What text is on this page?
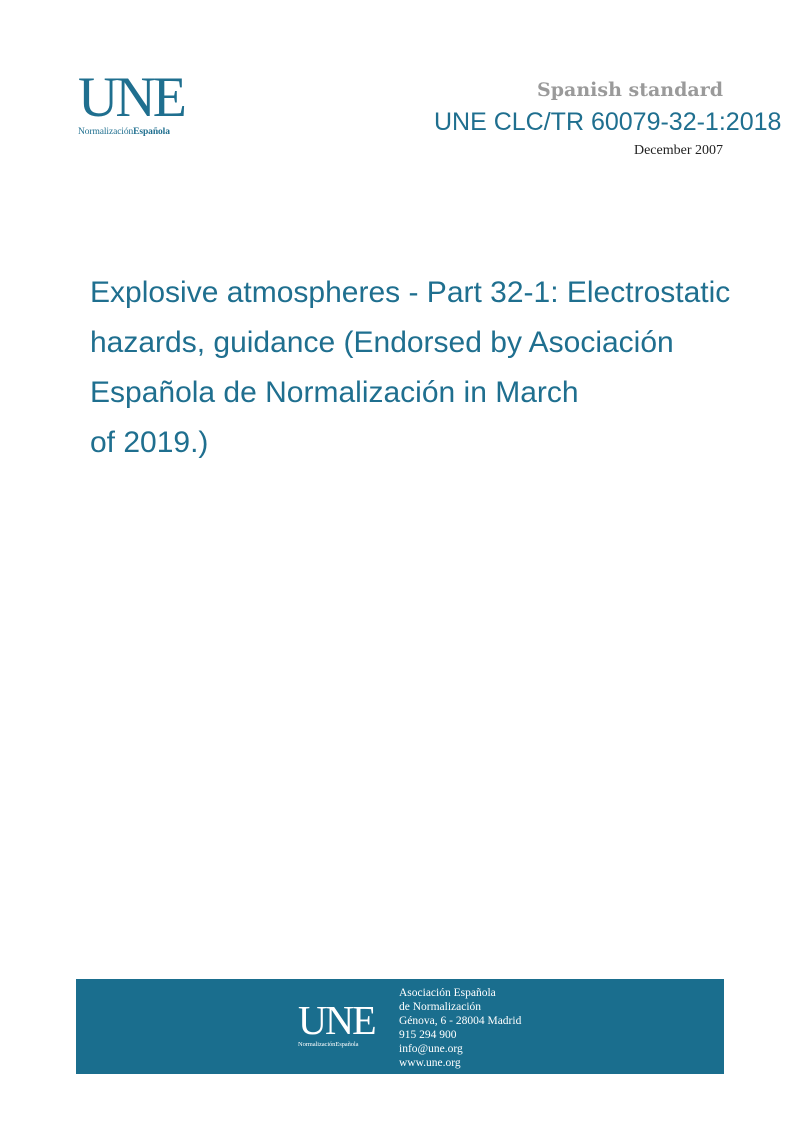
UNE
NormalizaciónEspañola
Spanish standard
UNE CLC/TR 60079-32-1:2018
December 2007
Explosive atmospheres - Part 32-1: Electrostatic
hazards, guidance (Endorsed by Asociación
Española de Normalización in March
of 2019.)
UNE
NormalizaciónEspañola
Asociación Española
de Normalización
Génova, 6 - 28004 Madrid
915 294 900
info@une.org
www.une.org
